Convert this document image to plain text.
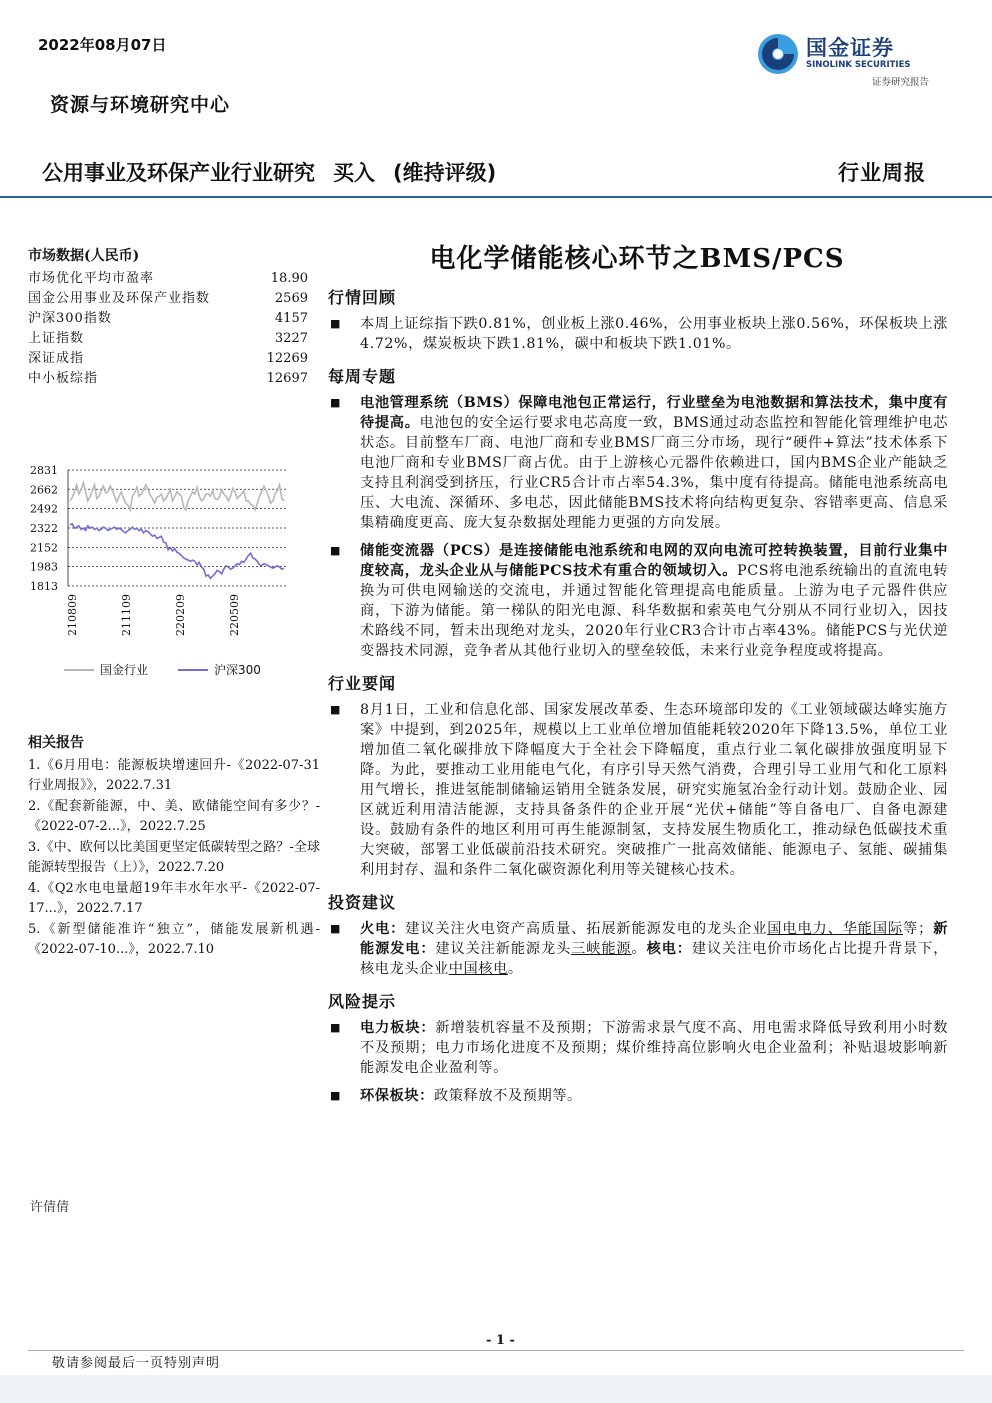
2022年08月07日	国金证券
SINOLINK SECURITIES
证券研究报告
资源与环境研究中心
公用事业及环保产业行业研究 买入 (维持评级)	行业周报
市场数据(人民币)
市场优化平均市盈率	18.90
国金公用事业及环保产业指数	2569
沪深300指数	4157
上证指数	3227
深证成指	12269
中小板综指	12697
2831
2662
2492
2322
2152
1983
1813
210809	211109	220209	220509
国金行业	沪深300
相关报告
1.《6月用电：能源板块增速回升-《2022-07-31行业周报》》，2022.7.31
2.《配套新能源，中、美、欧储能空间有多少？-《2022-07-2...》，2022.7.25
3.《中、欧何以比美国更坚定低碳转型之路？-全球能源转型报告（上）》，2022.7.20
4.《Q2水电电量超19年丰水年水平-《2022-07-17...》，2022.7.17
5.《新型储能准许“独立”，储能发展新机遇-《2022-07-10...》，2022.7.10
许倩倩
电化学储能核心环节之BMS/PCS
行情回顾
■ 本周上证综指下跌0.81%，创业板上涨0.46%，公用事业板块上涨0.56%，环保板块上涨4.72%，煤炭板块下跌1.81%，碳中和板块下跌1.01%。
每周专题
■ 电池管理系统（BMS）保障电池包正常运行，行业壁垒为电池数据和算法技术，集中度有待提高。电池包的安全运行要求电芯高度一致，BMS通过动态监控和智能化管理维护电芯状态。目前整车厂商、电池厂商和专业BMS厂商三分市场，现行“硬件+算法”技术体系下电池厂商和专业BMS厂商占优。由于上游核心元器件依赖进口，国内BMS企业产能缺乏支持且利润受到挤压，行业CR5合计市占率54.3%，集中度有待提高。储能电池系统高电压、大电流、深循环、多电芯，因此储能BMS技术将向结构更复杂、容错率更高、信息采集精确度更高、庞大复杂数据处理能力更强的方向发展。
■ 储能变流器（PCS）是连接储能电池系统和电网的双向电流可控转换装置，目前行业集中度较高，龙头企业从与储能PCS技术有重合的领域切入。PCS将电池系统输出的直流电转换为可供电网输送的交流电，并通过智能化管理提高电能质量。上游为电子元器件供应商，下游为储能。第一梯队的阳光电源、科华数据和索英电气分别从不同行业切入，因技术路线不同，暂未出现绝对龙头，2020年行业CR3合计市占率43%。储能PCS与光伏逆变器技术同源，竞争者从其他行业切入的壁垒较低，未来行业竞争程度或将提高。
行业要闻
■ 8月1日，工业和信息化部、国家发展改革委、生态环境部印发的《工业领域碳达峰实施方案》中提到，到2025年，规模以上工业单位增加值能耗较2020年下降13.5%，单位工业增加值二氧化碳排放下降幅度大于全社会下降幅度，重点行业二氧化碳排放强度明显下降。为此，要推动工业用能电气化，有序引导天然气消费，合理引导工业用气和化工原料用气增长，推进氢能制储输运销用全链条发展，研究实施氢冶金行动计划。鼓励企业、园区就近利用清洁能源，支持具备条件的企业开展“光伏+储能”等自备电厂、自备电源建设。鼓励有条件的地区利用可再生能源制氢，支持发展生物质化工，推动绿色低碳技术重大突破，部署工业低碳前沿技术研究。突破推广一批高效储能、能源电子、氢能、碳捕集利用封存、温和条件二氧化碳资源化利用等关键核心技术。
投资建议
■ 火电：建议关注火电资产高质量、拓展新能源发电的龙头企业国电电力、华能国际等；新能源发电：建议关注新能源龙头三峡能源。核电：建议关注电价市场化占比提升背景下，核电龙头企业中国核电。
风险提示
■ 电力板块：新增装机容量不及预期；下游需求景气度不高、用电需求降低导致利用小时数不及预期；电力市场化进度不及预期；煤价维持高位影响火电企业盈利；补贴退坡影响新能源发电企业盈利等。
■ 环保板块：政策释放不及预期等。
- 1 -
敬请参阅最后一页特别声明
